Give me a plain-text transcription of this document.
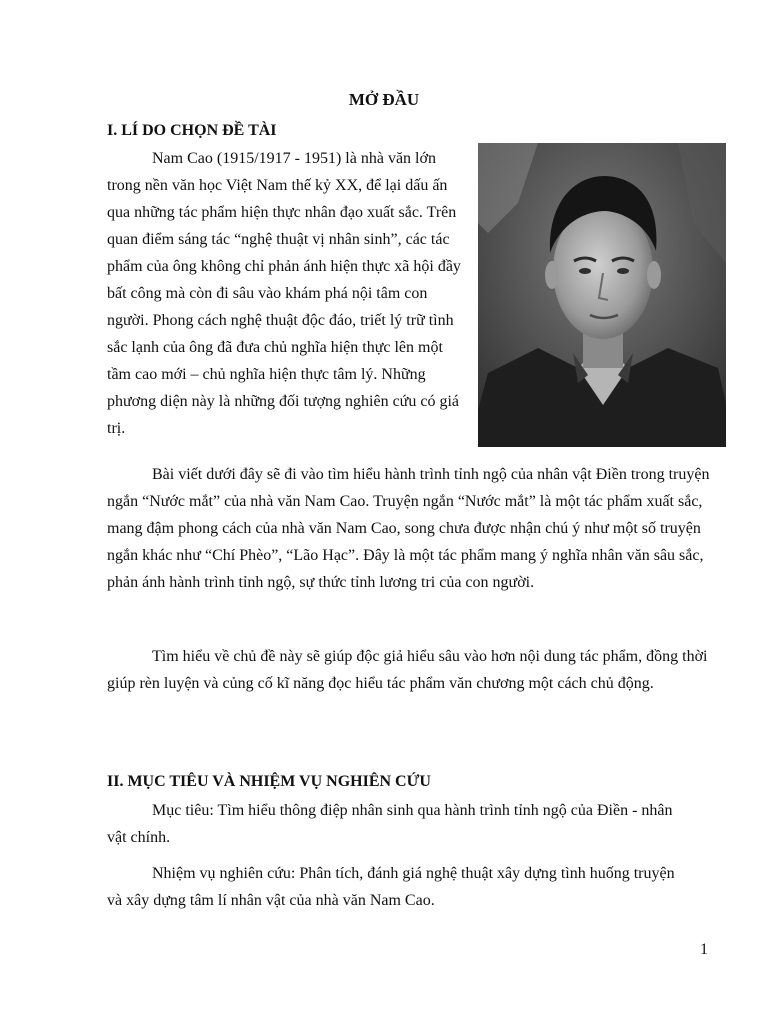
MỞ ĐẦU
I. LÍ DO CHỌN ĐỀ TÀI

Nam Cao (1915/1917 - 1951) là nhà văn lớn trong nền văn học Việt Nam thế kỷ XX, để lại dấu ấn qua những tác phẩm hiện thực nhân đạo xuất sắc. Trên quan điểm sáng tác “nghệ thuật vị nhân sinh”, các tác phẩm của ông không chỉ phản ánh hiện thực xã hội đầy bất công mà còn đi sâu vào khám phá nội tâm con người. Phong cách nghệ thuật độc đáo, triết lý trữ tình sắc lạnh của ông đã đưa chủ nghĩa hiện thực lên một tầm cao mới – chủ nghĩa hiện thực tâm lý. Những phương diện này là những đối tượng nghiên cứu có giá trị.

Bài viết dưới đây sẽ đi vào tìm hiểu hành trình tỉnh ngộ của nhân vật Điền trong truyện ngắn “Nước mắt” của nhà văn Nam Cao. Truyện ngắn “Nước mắt” là một tác phẩm xuất sắc, mang đậm phong cách của nhà văn Nam Cao, song chưa được nhận chú ý như một số truyện ngắn khác như “Chí Phèo”, “Lão Hạc”. Đây là một tác phẩm mang ý nghĩa nhân văn sâu sắc, phản ánh hành trình tỉnh ngộ, sự thức tỉnh lương tri của con người.

Tìm hiểu về chủ đề này sẽ giúp độc giả hiểu sâu vào hơn nội dung tác phẩm, đồng thời giúp rèn luyện và củng cố kĩ năng đọc hiểu tác phẩm văn chương một cách chủ động.

II. MỤC TIÊU VÀ NHIỆM VỤ NGHIÊN CỨU

Mục tiêu: Tìm hiểu thông điệp nhân sinh qua hành trình tỉnh ngộ của Điền - nhân vật chính.

Nhiệm vụ nghiên cứu: Phân tích, đánh giá nghệ thuật xây dựng tình huống truyện và xây dựng tâm lí nhân vật của nhà văn Nam Cao.

1
